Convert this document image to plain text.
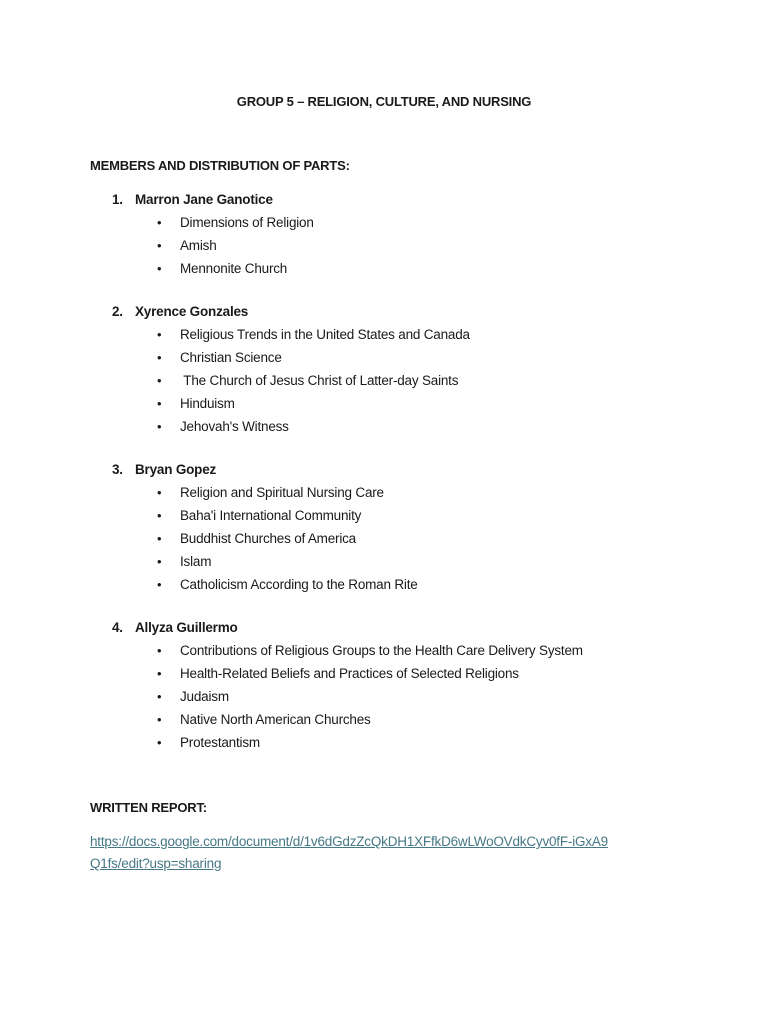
GROUP 5 – RELIGION, CULTURE, AND NURSING
MEMBERS AND DISTRIBUTION OF PARTS:
1. Marron Jane Ganotice
• Dimensions of Religion
• Amish
• Mennonite Church
2. Xyrence Gonzales
• Religious Trends in the United States and Canada
• Christian Science
• The Church of Jesus Christ of Latter-day Saints
• Hinduism
• Jehovah's Witness
3. Bryan Gopez
• Religion and Spiritual Nursing Care
• Baha'i International Community
• Buddhist Churches of America
• Islam
• Catholicism According to the Roman Rite
4. Allyza Guillermo
• Contributions of Religious Groups to the Health Care Delivery System
• Health-Related Beliefs and Practices of Selected Religions
• Judaism
• Native North American Churches
• Protestantism
WRITTEN REPORT:
https://docs.google.com/document/d/1v6dGdzZcQkDH1XFfkD6wLWoOVdkCyv0fF-iGxA9Q1fs/edit?usp=sharing
